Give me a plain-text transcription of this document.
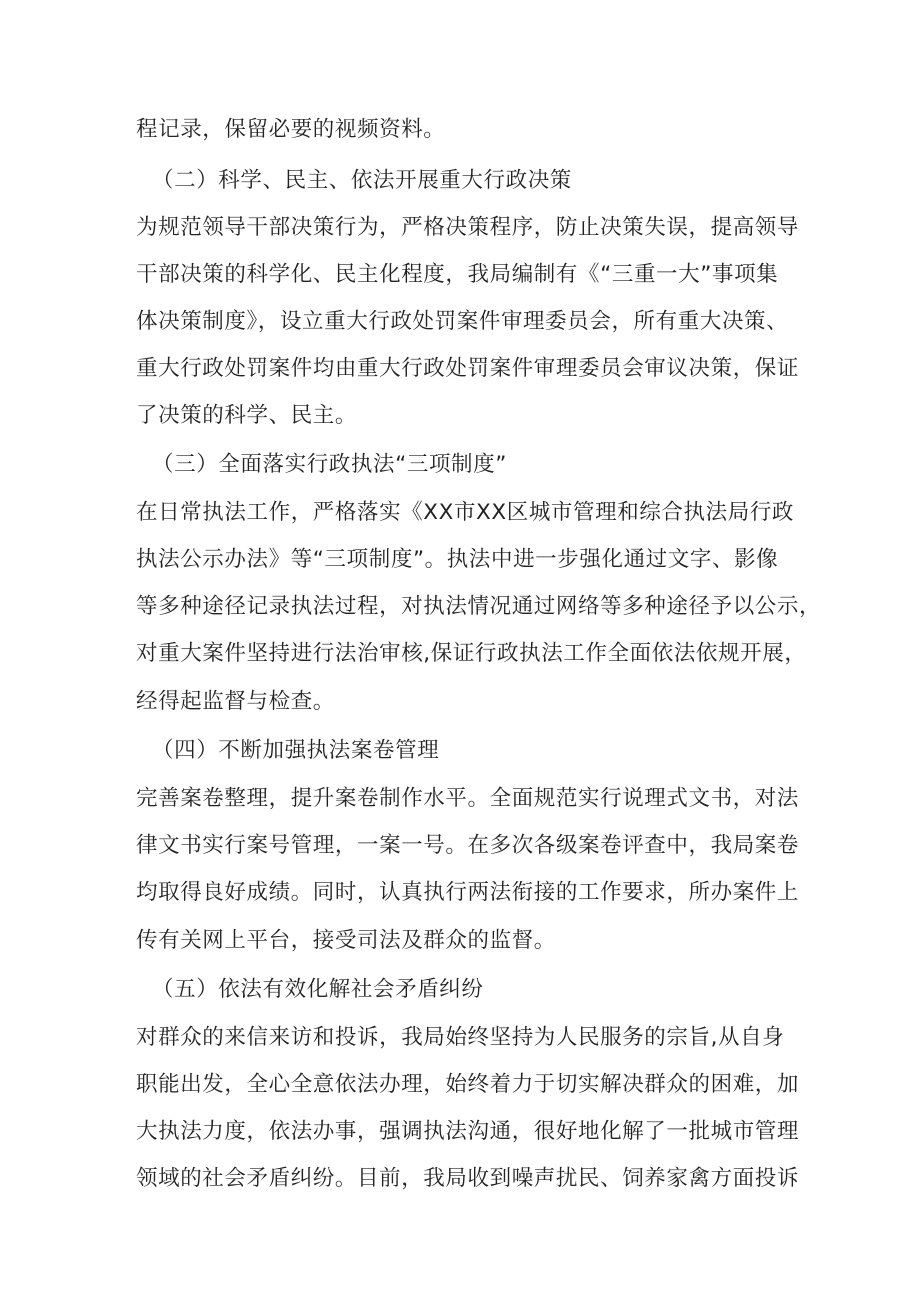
程记录，保留必要的视频资料。
（二）科学、民主、依法开展重大行政决策
为规范领导干部决策行为，严格决策程序，防止决策失误，提高领导
干部决策的科学化、民主化程度，我局编制有《“三重一大”事项集
体决策制度》，设立重大行政处罚案件审理委员会，所有重大决策、
重大行政处罚案件均由重大行政处罚案件审理委员会审议决策，保证
了决策的科学、民主。
（三）全面落实行政执法“三项制度”
在日常执法工作，严格落实《XX市XX区城市管理和综合执法局行政
执法公示办法》等“三项制度”。执法中进一步强化通过文字、影像
等多种途径记录执法过程，对执法情况通过网络等多种途径予以公示，
对重大案件坚持进行法治审核,保证行政执法工作全面依法依规开展，
经得起监督与检查。
（四）不断加强执法案卷管理
完善案卷整理，提升案卷制作水平。全面规范实行说理式文书，对法
律文书实行案号管理，一案一号。在多次各级案卷评查中，我局案卷
均取得良好成绩。同时，认真执行两法衔接的工作要求，所办案件上
传有关网上平台，接受司法及群众的监督。
（五）依法有效化解社会矛盾纠纷
对群众的来信来访和投诉，我局始终坚持为人民服务的宗旨,从自身
职能出发，全心全意依法办理，始终着力于切实解决群众的困难，加
大执法力度，依法办事，强调执法沟通，很好地化解了一批城市管理
领域的社会矛盾纠纷。目前，我局收到噪声扰民、饲养家禽方面投诉
